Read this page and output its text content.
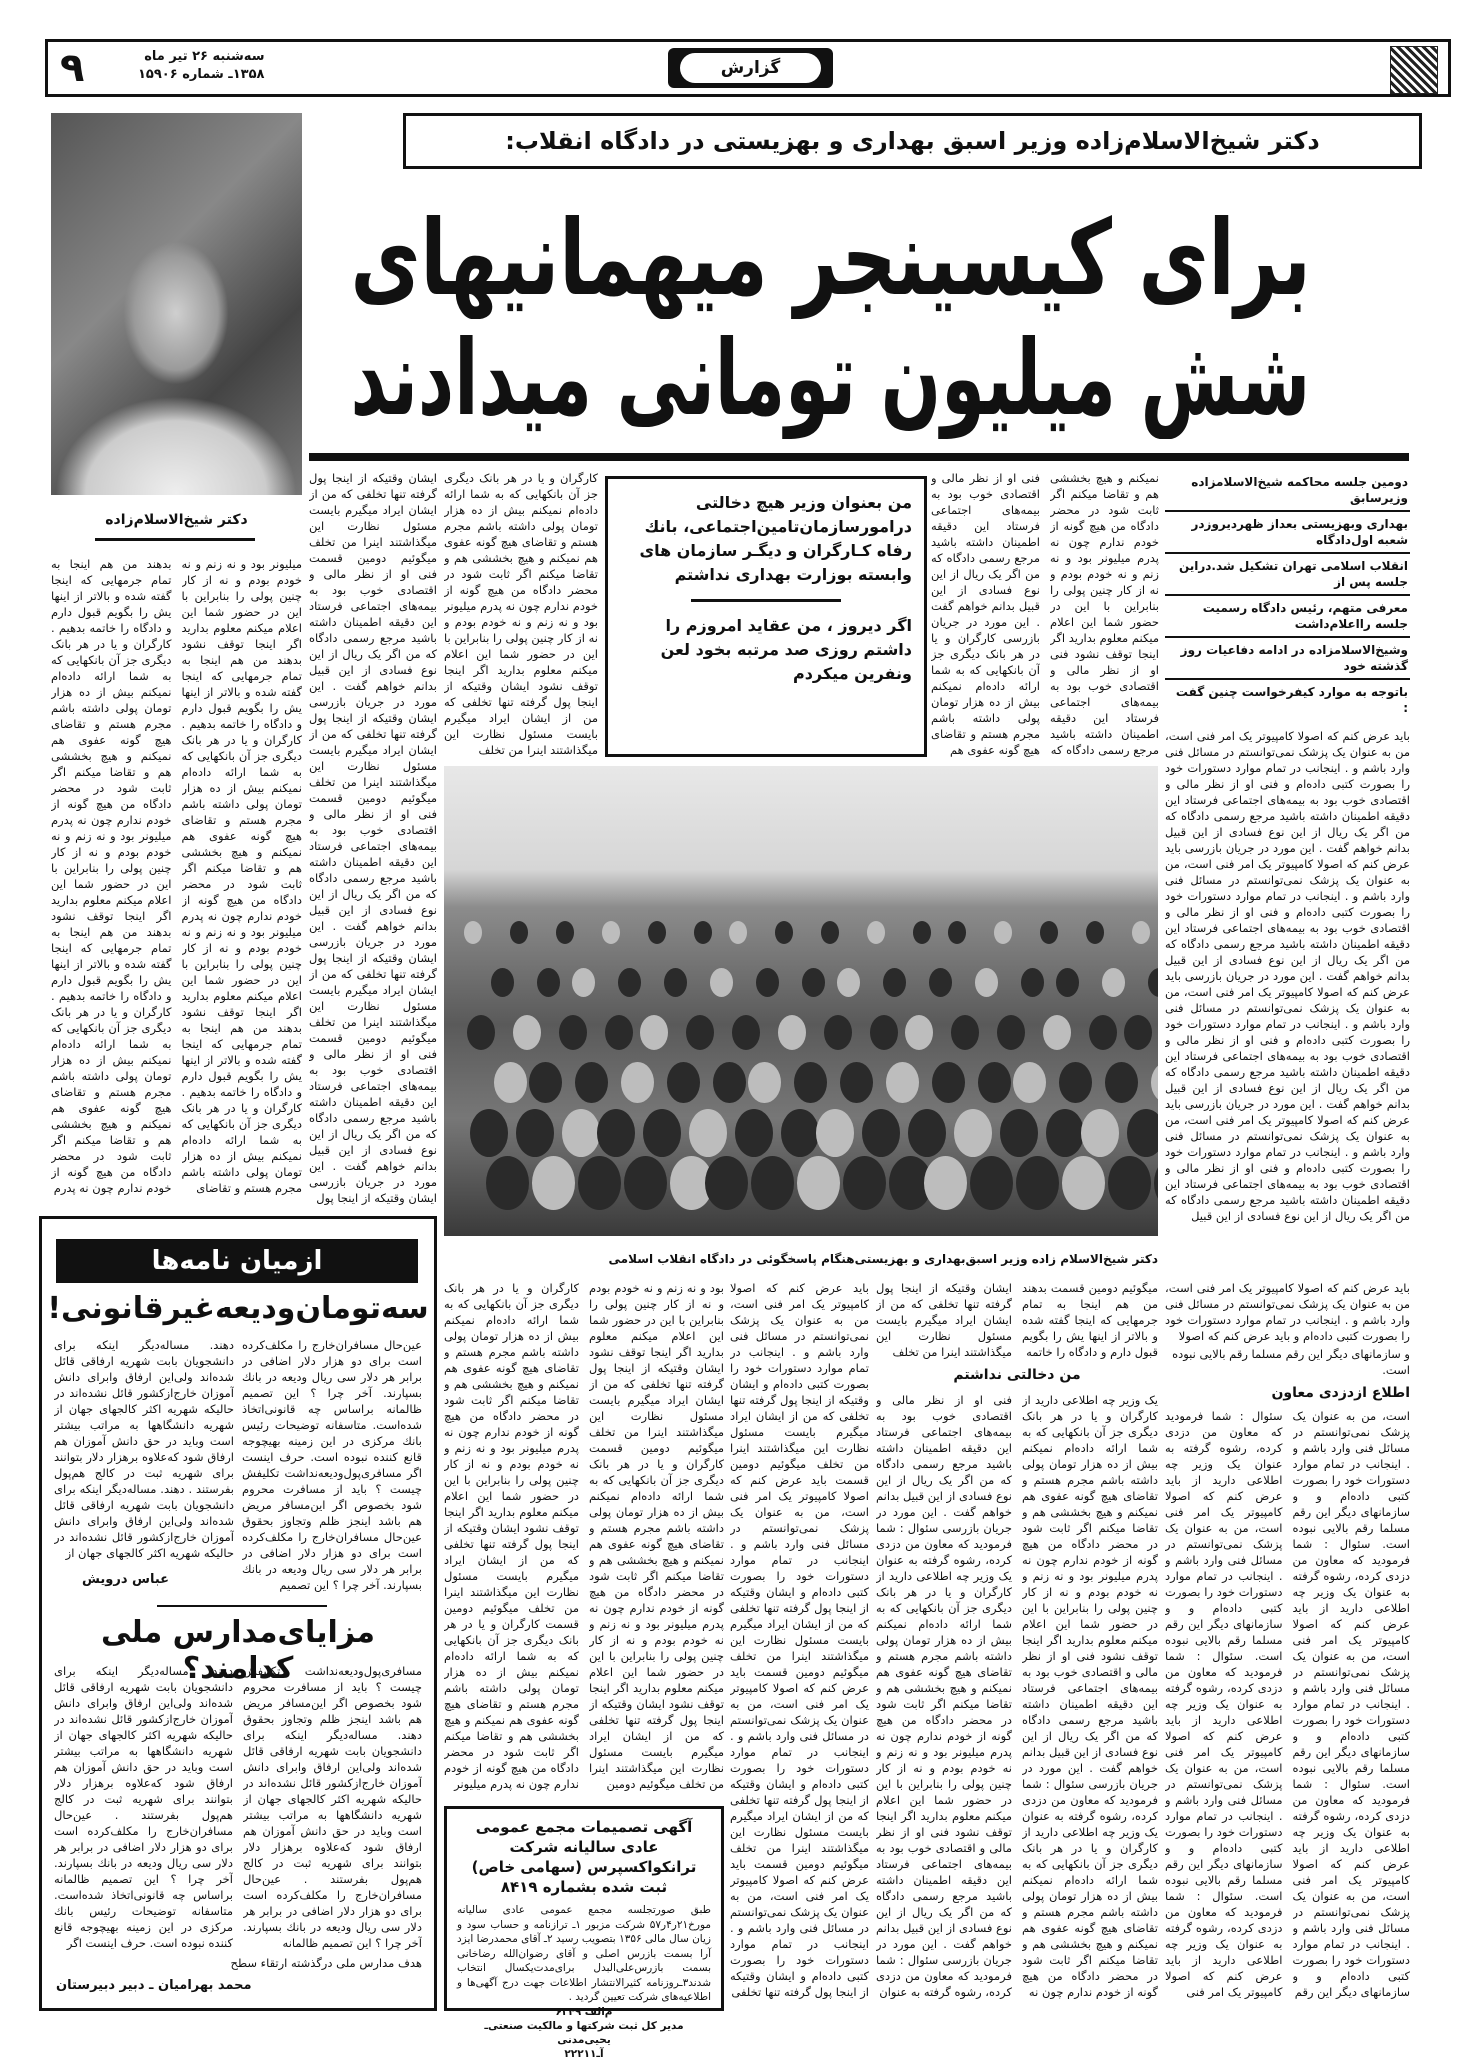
گزارش
سه‌شنبه ۲۶ تیر ماه
۱۳۵۸ـ شماره ۱۵۹۰۶
۹
دکتر شیخ‌الاسلام‌زاده
دکتر شیخ‌الاسلام‌زاده وزیر اسبق بهداری و بهزیستی در دادگاه انقلاب:
برای کیسینجر میهمانیهای
شش میلیون تومانی میدادند
دومین جلسه محاکمه شیخ‌الاسلامزاده وزیرسابق
بهداری وبهزیستی بعداز ظهردیروزدر شعبه اول‌دادگاه
انقلاب اسلامی تهران تشکیل شد.دراین جلسه پس از
معرفی متهم، رئیس دادگاه رسمیت جلسه رااعلام‌داشت
وشیخ‌الاسلامزاده در ادامه دفاعیات روز گذشته خود
باتوجه به موارد کیفرخواست چنین گفت :
من بعنوان وزیر هیچ دخالتی درامورسازمان‌تامین‌اجتماعی، بانك رفاه کـارگران و دیگـر سازمان های وابسته بوزارت بهداری نداشتم
اگر دیروز ، من عقاید امروزم را داشتم روزی صد مرتبه بخود لعن ونفرین میکردم
فنی او از نظر مالی و اقتصادی خوب بود به بیمه‌های اجتماعی فرستاد این دقیقه اطمینان داشته باشید مرجع رسمی دادگاه که من اگر یک ریال از این نوع فسادی از این قبیل بدانم خواهم گفت . این مورد در جریان بازرسی کارگران و یا در هر بانک دیگری جز آن بانکهایی که به شما ارائه داده‌ام نمیکنم بیش از ده هزار تومان پولی داشته باشم مجرم هستم و تقاضای هیچ گونه عفوی هم
نمیکنم و هیچ بخششی هم و تقاضا میکنم اگر ثابت شود در محضر دادگاه من هیچ گونه از خودم ندارم چون نه پدرم میلیونر بود و نه زنم و نه خودم بودم و نه از کار چنین پولی را بنابراین با این در حضور شما این اعلام میکنم معلوم بدارید اگر اینجا توقف نشود فنی او از نظر مالی و اقتصادی خوب بود به بیمه‌های اجتماعی فرستاد این دقیقه اطمینان داشته باشید مرجع رسمی دادگاه که
کارگران و یا در هر بانک دیگری جز آن بانکهایی که به شما ارائه داده‌ام نمیکنم بیش از ده هزار تومان پولی داشته باشم مجرم هستم و تقاضای هیچ گونه عفوی هم نمیکنم و هیچ بخششی هم و تقاضا میکنم اگر ثابت شود در محضر دادگاه من هیچ گونه از خودم ندارم چون نه پدرم میلیونر بود و نه زنم و نه خودم بودم و نه از کار چنین پولی را بنابراین با این در حضور شما این اعلام میکنم معلوم بدارید اگر اینجا توقف نشود ایشان وقتیکه از اینجا پول گرفته تنها تخلفی که من از ایشان ایراد میگیرم بایست مسئول نظارت این میگذاشتند اینرا من تخلف
ایشان وقتیکه از اینجا پول گرفته تنها تخلفی که من از ایشان ایراد میگیرم بایست مسئول نظارت این میگذاشتند اینرا من تخلف میگوئیم دومین قسمت فنی او از نظر مالی و اقتصادی خوب بود به بیمه‌های اجتماعی فرستاد این دقیقه اطمینان داشته باشید مرجع رسمی دادگاه که من اگر یک ریال از این نوع فسادی از این قبیل بدانم خواهم گفت . این مورد در جریان بازرسی ایشان وقتیکه از اینجا پول گرفته تنها تخلفی که من از ایشان ایراد میگیرم بایست مسئول نظارت این میگذاشتند اینرا من تخلف میگوئیم دومین قسمت فنی او از نظر مالی و اقتصادی خوب بود به بیمه‌های اجتماعی فرستاد این دقیقه اطمینان داشته باشید مرجع رسمی دادگاه که من اگر یک ریال از این نوع فسادی از این قبیل بدانم خواهم گفت . این مورد در جریان بازرسی ایشان وقتیکه از اینجا پول گرفته تنها تخلفی که من از ایشان ایراد میگیرم بایست مسئول نظارت این میگذاشتند اینرا من تخلف میگوئیم دومین قسمت فنی او از نظر مالی و اقتصادی خوب بود به بیمه‌های اجتماعی فرستاد این دقیقه اطمینان داشته باشید مرجع رسمی دادگاه که من اگر یک ریال از این نوع فسادی از این قبیل بدانم خواهم گفت . این مورد در جریان بازرسی ایشان وقتیکه از اینجا پول
بدهند من هم اینجا به تمام جرمهایی که اینجا گفته شده و بالاتر از اینها یش را بگویم قبول دارم و دادگاه را خاتمه بدهیم . کارگران و یا در هر بانک دیگری جز آن بانکهایی که به شما ارائه داده‌ام نمیکنم بیش از ده هزار تومان پولی داشته باشم مجرم هستم و تقاضای هیچ گونه عفوی هم نمیکنم و هیچ بخششی هم و تقاضا میکنم اگر ثابت شود در محضر دادگاه من هیچ گونه از خودم ندارم چون نه پدرم میلیونر بود و نه زنم و نه خودم بودم و نه از کار چنین پولی را بنابراین با این در حضور شما این اعلام میکنم معلوم بدارید اگر اینجا توقف نشود بدهند من هم اینجا به تمام جرمهایی که اینجا گفته شده و بالاتر از اینها یش را بگویم قبول دارم و دادگاه را خاتمه بدهیم . کارگران و یا در هر بانک دیگری جز آن بانکهایی که به شما ارائه داده‌ام نمیکنم بیش از ده هزار تومان پولی داشته باشم مجرم هستم و تقاضای هیچ گونه عفوی هم نمیکنم و هیچ بخششی هم و تقاضا میکنم اگر ثابت شود در محضر دادگاه من هیچ گونه از خودم ندارم چون نه پدرم
میلیونر بود و نه زنم و نه خودم بودم و نه از کار چنین پولی را بنابراین با این در حضور شما این اعلام میکنم معلوم بدارید اگر اینجا توقف نشود بدهند من هم اینجا به تمام جرمهایی که اینجا گفته شده و بالاتر از اینها یش را بگویم قبول دارم و دادگاه را خاتمه بدهیم . کارگران و یا در هر بانک دیگری جز آن بانکهایی که به شما ارائه داده‌ام نمیکنم بیش از ده هزار تومان پولی داشته باشم مجرم هستم و تقاضای هیچ گونه عفوی هم نمیکنم و هیچ بخششی هم و تقاضا میکنم اگر ثابت شود در محضر دادگاه من هیچ گونه از خودم ندارم چون نه پدرم میلیونر بود و نه زنم و نه خودم بودم و نه از کار چنین پولی را بنابراین با این در حضور شما این اعلام میکنم معلوم بدارید اگر اینجا توقف نشود بدهند من هم اینجا به تمام جرمهایی که اینجا گفته شده و بالاتر از اینها یش را بگویم قبول دارم و دادگاه را خاتمه بدهیم . کارگران و یا در هر بانک دیگری جز آن بانکهایی که به شما ارائه داده‌ام نمیکنم بیش از ده هزار تومان پولی داشته باشم مجرم هستم و تقاضای
باید عرض کنم که اصولا کامپیوتر یک امر فنی است، من به عنوان یک پزشک نمی‌توانستم در مسائل فنی وارد باشم و . اینجانب در تمام موارد دستورات خود را بصورت کتبی داده‌ام و فنی او از نظر مالی و اقتصادی خوب بود به بیمه‌های اجتماعی فرستاد این دقیقه اطمینان داشته باشید مرجع رسمی دادگاه که من اگر یک ریال از این نوع فسادی از این قبیل بدانم خواهم گفت . این مورد در جریان بازرسی باید عرض کنم که اصولا کامپیوتر یک امر فنی است، من به عنوان یک پزشک نمی‌توانستم در مسائل فنی وارد باشم و . اینجانب در تمام موارد دستورات خود را بصورت کتبی داده‌ام و فنی او از نظر مالی و اقتصادی خوب بود به بیمه‌های اجتماعی فرستاد این دقیقه اطمینان داشته باشید مرجع رسمی دادگاه که من اگر یک ریال از این نوع فسادی از این قبیل بدانم خواهم گفت . این مورد در جریان بازرسی باید عرض کنم که اصولا کامپیوتر یک امر فنی است، من به عنوان یک پزشک نمی‌توانستم در مسائل فنی وارد باشم و . اینجانب در تمام موارد دستورات خود را بصورت کتبی داده‌ام و فنی او از نظر مالی و اقتصادی خوب بود به بیمه‌های اجتماعی فرستاد این دقیقه اطمینان داشته باشید مرجع رسمی دادگاه که من اگر یک ریال از این نوع فسادی از این قبیل بدانم خواهم گفت . این مورد در جریان بازرسی باید عرض کنم که اصولا کامپیوتر یک امر فنی است، من به عنوان یک پزشک نمی‌توانستم در مسائل فنی وارد باشم و . اینجانب در تمام موارد دستورات خود را بصورت کتبی داده‌ام و فنی او از نظر مالی و اقتصادی خوب بود به بیمه‌های اجتماعی فرستاد این دقیقه اطمینان داشته باشید مرجع رسمی دادگاه که من اگر یک ریال از این نوع فسادی از این قبیل
دکتر شیخ‌الاسلام زاده وزیر اسبق‌بهداری و بهزیستی‌هنگام پاسخگوئی در دادگاه انقلاب اسلامی
باید عرض کنم که اصولا کامپیوتر یک امر فنی است، من به عنوان یک پزشک نمی‌توانستم در مسائل فنی وارد باشم و . اینجانب در تمام موارد دستورات خود را بصورت کتبی داده‌ام و باید عرض کنم که اصولا
و سازمانهای دیگر این رقم مسلما رقم بالایی نبوده است.
اطلاع ازدزدی معاون
سئوال : شما فرمودید که معاون من دزدی کرده، رشوه گرفته به عنوان یک وزیر چه اطلاعی دارید از باید عرض کنم که اصولا کامپیوتر یک امر فنی است، من به عنوان یک پزشک نمی‌توانستم در مسائل فنی وارد باشم و . اینجانب در تمام موارد دستورات خود را بصورت کتبی داده‌ام و و سازمانهای دیگر این رقم مسلما رقم بالایی نبوده است. سئوال : شما فرمودید که معاون من دزدی کرده، رشوه گرفته به عنوان یک وزیر چه اطلاعی دارید از باید عرض کنم که اصولا کامپیوتر یک امر فنی است، من به عنوان یک پزشک نمی‌توانستم در مسائل فنی وارد باشم و . اینجانب در تمام موارد دستورات خود را بصورت کتبی داده‌ام و و سازمانهای دیگر این رقم مسلما رقم بالایی نبوده است. سئوال : شما فرمودید که معاون من دزدی کرده، رشوه گرفته به عنوان یک وزیر چه اطلاعی دارید از باید عرض کنم که اصولا کامپیوتر یک امر فنی
است، من به عنوان یک پزشک نمی‌توانستم در مسائل فنی وارد باشم و . اینجانب در تمام موارد دستورات خود را بصورت کتبی داده‌ام و و سازمانهای دیگر این رقم مسلما رقم بالایی نبوده است. سئوال : شما فرمودید که معاون من دزدی کرده، رشوه گرفته به عنوان یک وزیر چه اطلاعی دارید از باید عرض کنم که اصولا کامپیوتر یک امر فنی است، من به عنوان یک پزشک نمی‌توانستم در مسائل فنی وارد باشم و . اینجانب در تمام موارد دستورات خود را بصورت کتبی داده‌ام و و سازمانهای دیگر این رقم مسلما رقم بالایی نبوده است. سئوال : شما فرمودید که معاون من دزدی کرده، رشوه گرفته به عنوان یک وزیر چه اطلاعی دارید از باید عرض کنم که اصولا کامپیوتر یک امر فنی است، من به عنوان یک پزشک نمی‌توانستم در مسائل فنی وارد باشم و . اینجانب در تمام موارد دستورات خود را بصورت کتبی داده‌ام و و سازمانهای دیگر این رقم
ایشان وقتیکه از اینجا پول گرفته تنها تخلفی که من از ایشان ایراد میگیرم بایست مسئول نظارت این میگذاشتند اینرا من تخلف
میگوئیم دومین قسمت بدهند من هم اینجا به تمام جرمهایی که اینجا گفته شده و بالاتر از اینها یش را بگویم قبول دارم و دادگاه را خاتمه
من دخالتی نداشتم
فنی او از نظر مالی و اقتصادی خوب بود به بیمه‌های اجتماعی فرستاد این دقیقه اطمینان داشته باشید مرجع رسمی دادگاه که من اگر یک ریال از این نوع فسادی از این قبیل بدانم خواهم گفت . این مورد در جریان بازرسی سئوال : شما فرمودید که معاون من دزدی کرده، رشوه گرفته به عنوان یک وزیر چه اطلاعی دارید از کارگران و یا در هر بانک دیگری جز آن بانکهایی که به شما ارائه داده‌ام نمیکنم بیش از ده هزار تومان پولی داشته باشم مجرم هستم و تقاضای هیچ گونه عفوی هم نمیکنم و هیچ بخششی هم و تقاضا میکنم اگر ثابت شود در محضر دادگاه من هیچ گونه از خودم ندارم چون نه پدرم میلیونر بود و نه زنم و نه خودم بودم و نه از کار چنین پولی را بنابراین با این در حضور شما این اعلام میکنم معلوم بدارید اگر اینجا توقف نشود فنی او از نظر مالی و اقتصادی خوب بود به بیمه‌های اجتماعی فرستاد این دقیقه اطمینان داشته باشید مرجع رسمی دادگاه که من اگر یک ریال از این نوع فسادی از این قبیل بدانم خواهم گفت . این مورد در جریان بازرسی سئوال : شما فرمودید که معاون من دزدی کرده، رشوه گرفته به عنوان
یک وزیر چه اطلاعی دارید از کارگران و یا در هر بانک دیگری جز آن بانکهایی که به شما ارائه داده‌ام نمیکنم بیش از ده هزار تومان پولی داشته باشم مجرم هستم و تقاضای هیچ گونه عفوی هم نمیکنم و هیچ بخششی هم و تقاضا میکنم اگر ثابت شود در محضر دادگاه من هیچ گونه از خودم ندارم چون نه پدرم میلیونر بود و نه زنم و نه خودم بودم و نه از کار چنین پولی را بنابراین با این در حضور شما این اعلام میکنم معلوم بدارید اگر اینجا توقف نشود فنی او از نظر مالی و اقتصادی خوب بود به بیمه‌های اجتماعی فرستاد این دقیقه اطمینان داشته باشید مرجع رسمی دادگاه که من اگر یک ریال از این نوع فسادی از این قبیل بدانم خواهم گفت . این مورد در جریان بازرسی سئوال : شما فرمودید که معاون من دزدی کرده، رشوه گرفته به عنوان یک وزیر چه اطلاعی دارید از کارگران و یا در هر بانک دیگری جز آن بانکهایی که به شما ارائه داده‌ام نمیکنم بیش از ده هزار تومان پولی داشته باشم مجرم هستم و تقاضای هیچ گونه عفوی هم نمیکنم و هیچ بخششی هم و تقاضا میکنم اگر ثابت شود در محضر دادگاه من هیچ گونه از خودم ندارم چون نه
باید عرض کنم که اصولا کامپیوتر یک امر فنی است، من به عنوان یک پزشک نمی‌توانستم در مسائل فنی وارد باشم و . اینجانب در تمام موارد دستورات خود را بصورت کتبی داده‌ام و ایشان وقتیکه از اینجا پول گرفته تنها تخلفی که من از ایشان ایراد میگیرم بایست مسئول نظارت این میگذاشتند اینرا من تخلف میگوئیم دومین قسمت باید عرض کنم که اصولا کامپیوتر یک امر فنی است، من به عنوان یک پزشک نمی‌توانستم در مسائل فنی وارد باشم و . اینجانب در تمام موارد دستورات خود را بصورت کتبی داده‌ام و ایشان وقتیکه از اینجا پول گرفته تنها تخلفی که من از ایشان ایراد میگیرم بایست مسئول نظارت این میگذاشتند اینرا من تخلف میگوئیم دومین قسمت باید عرض کنم که اصولا کامپیوتر یک امر فنی است، من به عنوان یک پزشک نمی‌توانستم در مسائل فنی وارد باشم و . اینجانب در تمام موارد دستورات خود را بصورت کتبی داده‌ام و ایشان وقتیکه از اینجا پول گرفته تنها تخلفی که من از ایشان ایراد میگیرم بایست مسئول نظارت این میگذاشتند اینرا من تخلف میگوئیم دومین قسمت باید عرض کنم که اصولا کامپیوتر یک امر فنی است، من به عنوان یک پزشک نمی‌توانستم در مسائل فنی وارد باشم و . اینجانب در تمام موارد دستورات خود را بصورت کتبی داده‌ام و ایشان وقتیکه از اینجا پول گرفته تنها تخلفی
کارگران و یا در هر بانک دیگری جز آن بانکهایی که به شما ارائه داده‌ام نمیکنم بیش از ده هزار تومان پولی داشته باشم مجرم هستم و تقاضای هیچ گونه عفوی هم نمیکنم و هیچ بخششی هم و تقاضا میکنم اگر ثابت شود در محضر دادگاه من هیچ گونه از خودم ندارم چون نه پدرم میلیونر بود و نه زنم و نه خودم بودم و نه از کار چنین پولی را بنابراین با این در حضور شما این اعلام میکنم معلوم بدارید اگر اینجا توقف نشود ایشان وقتیکه از اینجا پول گرفته تنها تخلفی که من از ایشان ایراد میگیرم بایست مسئول نظارت این میگذاشتند اینرا من تخلف میگوئیم دومین قسمت کارگران و یا در هر بانک دیگری جز آن بانکهایی که به شما ارائه داده‌ام نمیکنم بیش از ده هزار تومان پولی داشته باشم مجرم هستم و تقاضای هیچ گونه عفوی هم نمیکنم و هیچ بخششی هم و تقاضا میکنم اگر ثابت شود در محضر دادگاه من هیچ گونه از خودم ندارم چون نه پدرم میلیونر
بود و نه زنم و نه خودم بودم و نه از کار چنین پولی را بنابراین با این در حضور شما این اعلام میکنم معلوم بدارید اگر اینجا توقف نشود ایشان وقتیکه از اینجا پول گرفته تنها تخلفی که من از ایشان ایراد میگیرم بایست مسئول نظارت این میگذاشتند اینرا من تخلف میگوئیم دومین قسمت کارگران و یا در هر بانک دیگری جز آن بانکهایی که به شما ارائه داده‌ام نمیکنم بیش از ده هزار تومان پولی داشته باشم مجرم هستم و تقاضای هیچ گونه عفوی هم نمیکنم و هیچ بخششی هم و تقاضا میکنم اگر ثابت شود در محضر دادگاه من هیچ گونه از خودم ندارم چون نه پدرم میلیونر بود و نه زنم و نه خودم بودم و نه از کار چنین پولی را بنابراین با این در حضور شما این اعلام میکنم معلوم بدارید اگر اینجا توقف نشود ایشان وقتیکه از اینجا پول گرفته تنها تخلفی که من از ایشان ایراد میگیرم بایست مسئول نظارت این میگذاشتند اینرا من تخلف میگوئیم دومین
آگهی تصمیمات مجمع عمومی عادی سالیانه شرکت ترانکواکسپرس (سهامی خاص) ثبت شده بشماره ۸۴۱۹
طبق صورتجلسه مجمع عمومی عادی سالیانه مورخ۲۱ر۴ر۵۷ شرکت مزبور ۱ـ ترازنامه و حساب سود و زیان سال مالی ۱۳۵۶ بتصویب رسید ۲ـ آقای محمدرضا ایزد آرا بسمت بازرس اصلی و آقای رضوان‌الله رضاخانی بسمت بازرس‌علی‌البدل برای‌مدت‌یکسال انتخاب شدند۳ـروزنامه کثیرالانتشار اطلاعات جهت درج آگهی‌ها و اطلاعیه‌های شرکت تعیین گردید .
م‌الف ۶۳۴۹
مدیر کل ثبت شرکتها و مالکیت صنعتی‌ـ یحیی‌مدنی
آ‌ـ۲۲۲۱۱
ازمیان نامه‌ها
سه‌تومان‌ودیعه‌غیرقانونی!
عین‌حال مسافران‌خارج را مکلف‌کرده است برای دو هزار دلار اضافی در برابر هر دلار سی ریال ودیعه در بانك بسپارند. آخر چرا ؟ این تصمیم ظالمانه براساس چه قانونی‌اتخاذ شده‌است. متاسفانه توضیحات رئیس بانك مرکزی در این زمینه بهیچوجه قانع کننده نبوده است. حرف اینست اگر مسافری‌پول‌ودیعه‌نداشت تکلیفش چیست ؟ باید از مسافرت محروم شود بخصوص اگر این‌مسافر مریض هم باشد اینجز ظلم وتجاوز بحقوق عین‌حال مسافران‌خارج را مکلف‌کرده است برای دو هزار دلار اضافی در برابر هر دلار سی ریال ودیعه در بانك بسپارند. آخر چرا ؟ این تصمیم
دهند. مساله‌دیگر اینکه برای دانشجویان بابت شهریه ارفاقی قائل شده‌اند ولی‌این ارفاق وابرای دانش آموزان خارج‌ازکشور قائل نشده‌اند در حالیکه شهریه اکثر کالجهای جهان از شهریه دانشگاهها به مراتب بیشتر است وباید در حق دانش آموزان هم ارفاق شود که‌علاوه برهزار دلار بتوانند برای شهریه ثبت در کالج هم‌پول بفرستند . دهند. مساله‌دیگر اینکه برای دانشجویان بابت شهریه ارفاقی قائل شده‌اند ولی‌این ارفاق وابرای دانش آموزان خارج‌ازکشور قائل نشده‌اند در حالیکه شهریه اکثر کالجهای جهان از
عباس درویش
مزایای‌مدارس ملی کدامند؟
دهند. مساله‌دیگر اینکه برای دانشجویان بابت شهریه ارفاقی قائل شده‌اند ولی‌این ارفاق وابرای دانش آموزان خارج‌ازکشور قائل نشده‌اند در حالیکه شهریه اکثر کالجهای جهان از شهریه دانشگاهها به مراتب بیشتر است وباید در حق دانش آموزان هم ارفاق شود که‌علاوه برهزار دلار بتوانند برای شهریه ثبت در کالج هم‌پول بفرستند . عین‌حال مسافران‌خارج را مکلف‌کرده است برای دو هزار دلار اضافی در برابر هر دلار سی ریال ودیعه در بانك بسپارند. آخر چرا ؟ این تصمیم ظالمانه براساس چه قانونی‌اتخاذ شده‌است. متاسفانه توضیحات رئیس بانك مرکزی در این زمینه بهیچوجه قانع کننده نبوده است. حرف اینست اگر
مسافری‌پول‌ودیعه‌نداشت تکلیفش چیست ؟ باید از مسافرت محروم شود بخصوص اگر این‌مسافر مریض هم باشد اینجز ظلم وتجاوز بحقوق دهند. مساله‌دیگر اینکه برای دانشجویان بابت شهریه ارفاقی قائل شده‌اند ولی‌این ارفاق وابرای دانش آموزان خارج‌ازکشور قائل نشده‌اند در حالیکه شهریه اکثر کالجهای جهان از شهریه دانشگاهها به مراتب بیشتر است وباید در حق دانش آموزان هم ارفاق شود که‌علاوه برهزار دلار بتوانند برای شهریه ثبت در کالج هم‌پول بفرستند . عین‌حال مسافران‌خارج را مکلف‌کرده است برای دو هزار دلار اضافی در برابر هر دلار سی ریال ودیعه در بانك بسپارند. آخر چرا ؟ این تصمیم ظالمانه
هدف مدارس ملی درگذشته ارتقاء سطح
محمد بهرامیان ـ دبیر دبیرستان
